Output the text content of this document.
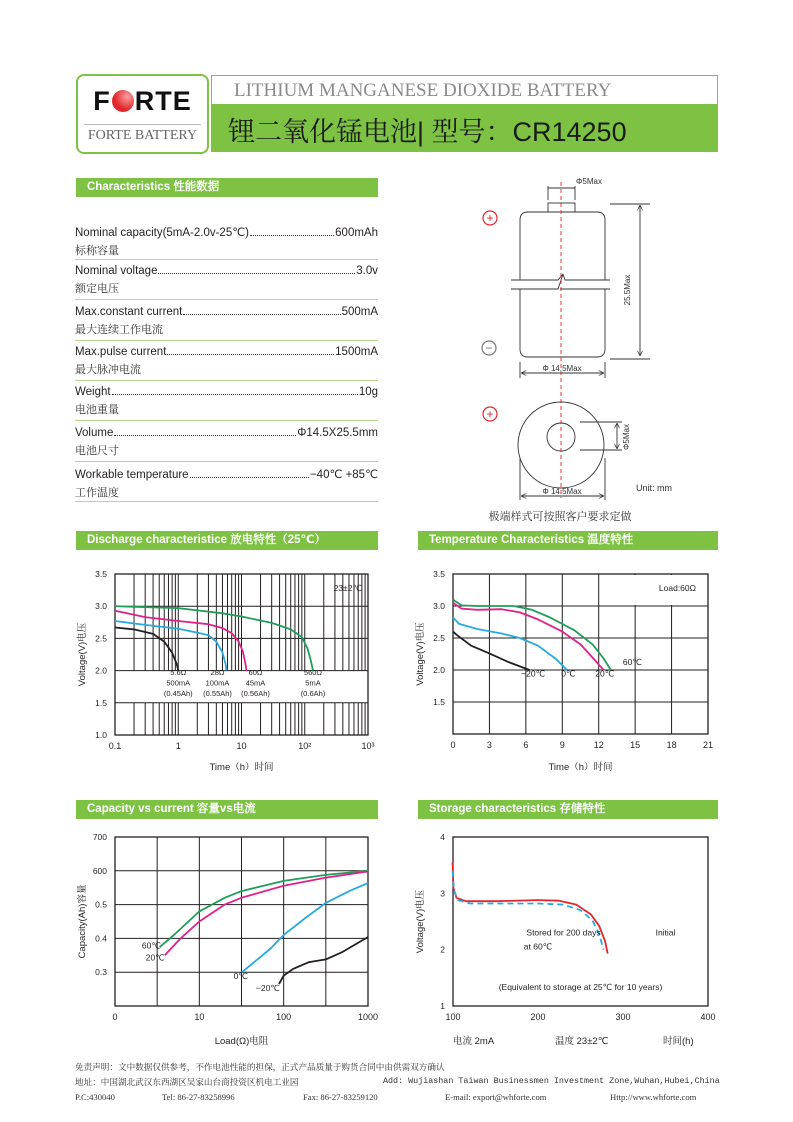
F RTE
FORTE BATTERY
LITHIUM MANGANESE DIOXIDE BATTERY
锂二氧化锰电池| 型号：CR14250
Characteristics 性能数据
Nominal capacity(5mA-2.0v-25℃)	600mAh
标称容量
Nominal voltage	3.0v
额定电压
Max.constant current	500mA
最大连续工作电流
Max.pulse current	1500mA
最大脉冲电流
Weight	10g
电池重量
Volume	Φ14.5X25.5mm
电池尺寸
Workable temperature	−40℃ +85℃
工作温度
Discharge characteristice 放电特性（25℃）	Temperature Characteristics 温度特性
Capacity vs current 容量vs电流	Storage characteristics 存储特性
+
−
+
Φ5Max
25.5Max
Φ 14.5Max
Φ5Max
Φ 14.5Max	Unit: mm
极端样式可按照客户要求定做
1.0
1.5
2.0
2.5
3.0
3.5
0.1	1	10	10²	10³
Time（h）时间
Voltage(V)电压
23±2℃
5.6Ω
500mA
(0.45Ah)
28Ω
100mA
(0.55Ah)
60Ω
45mA
(0.56Ah)
560Ω
5mA
(0.6Ah)
1.5
2.0
2.5
3.0
3.5
0	3	6	9	12	15	18	21
Time（h）时间
Voltage(V)电压
Load:60Ω
−20℃ 0℃ 20℃
60℃
0.3
0.4
0.5
600
700
0	10	100	1000
Load(Ω)电阻
Capacity(Ah)容量	60℃
20℃
0℃
−20℃
1
2
3
4
100	200	300	400
电流 2mA	温度 23±2℃	时间(h)
Voltage(V)电压	Stored for 200 days
at 60℃
Initial
(Equivalent to storage at 25℃ for 10 years)
免责声明：文中数据仅供参考，不作电池性能的担保，正式产品质量于购货合同中由供需双方确认
地址：中国湖北武汉东西湖区吴家山台商投资区机电工业园	Add: Wujiashan Taiwan Businessmen Investment Zone,Wuhan,Hubei,China
P.C:430040	Tel: 86-27-83258996	Fax: 86-27-83259120	E-mail: export@whforte.com	Http://www.whforte.com
